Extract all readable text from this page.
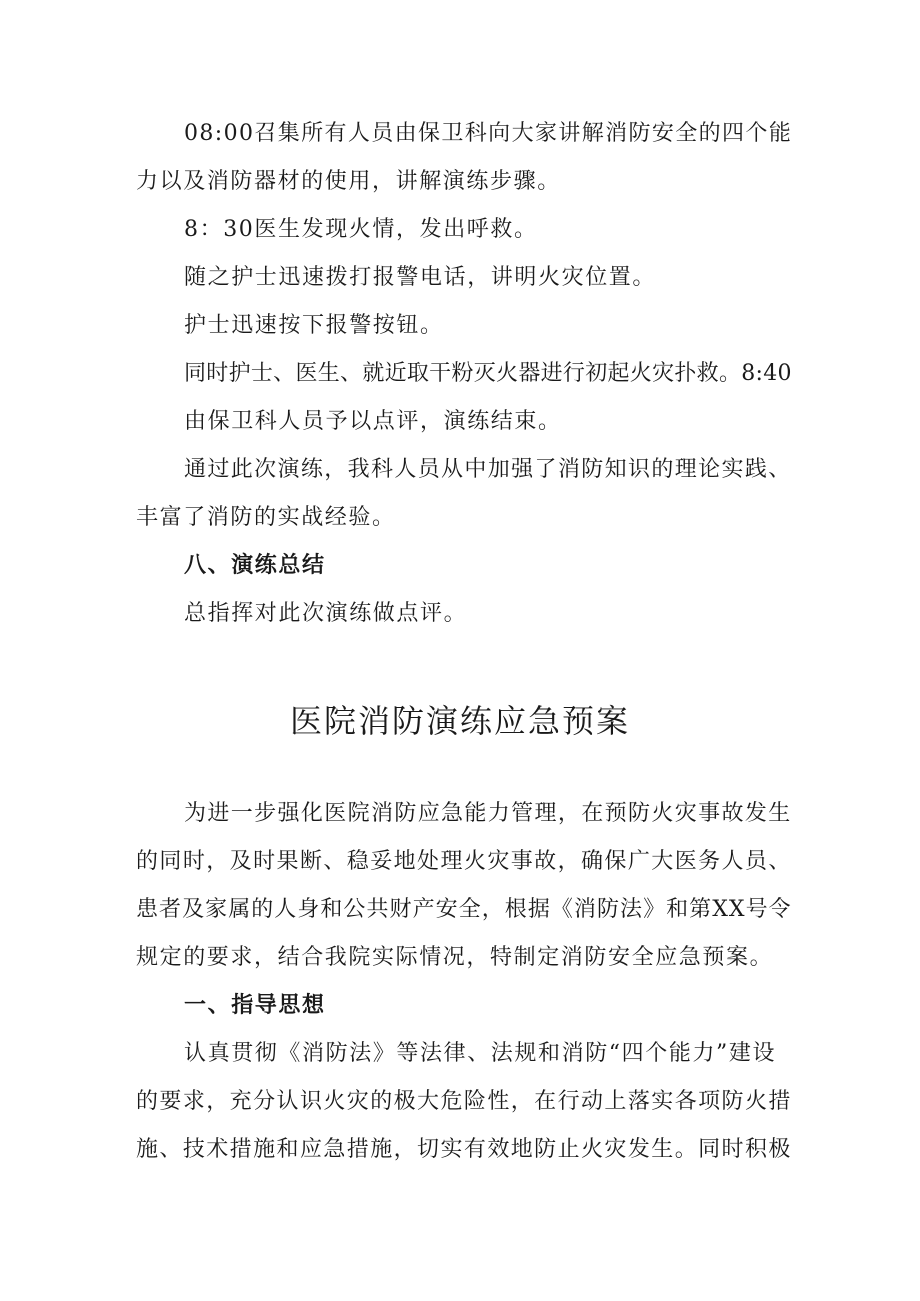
08:00召集所有人员由保卫科向大家讲解消防安全的四个能

力以及消防器材的使用，讲解演练步骤。

8：30医生发现火情，发出呼救。

随之护士迅速拨打报警电话，讲明火灾位置。

护士迅速按下报警按钮。

同时护士、医生、就近取干粉灭火器进行初起火灾扑救。8:40

由保卫科人员予以点评，演练结束。

通过此次演练，我科人员从中加强了消防知识的理论实践、

丰富了消防的实战经验。

八、演练总结

总指挥对此次演练做点评。

医院消防演练应急预案

为进一步强化医院消防应急能力管理，在预防火灾事故发生

的同时，及时果断、稳妥地处理火灾事故，确保广大医务人员、

患者及家属的人身和公共财产安全，根据《消防法》和第XX号令

规定的要求，结合我院实际情况，特制定消防安全应急预案。

一、指导思想

认真贯彻《消防法》等法律、法规和消防“四个能力”建设

的要求，充分认识火灾的极大危险性，在行动上落实各项防火措

施、技术措施和应急措施，切实有效地防止火灾发生。同时积极
